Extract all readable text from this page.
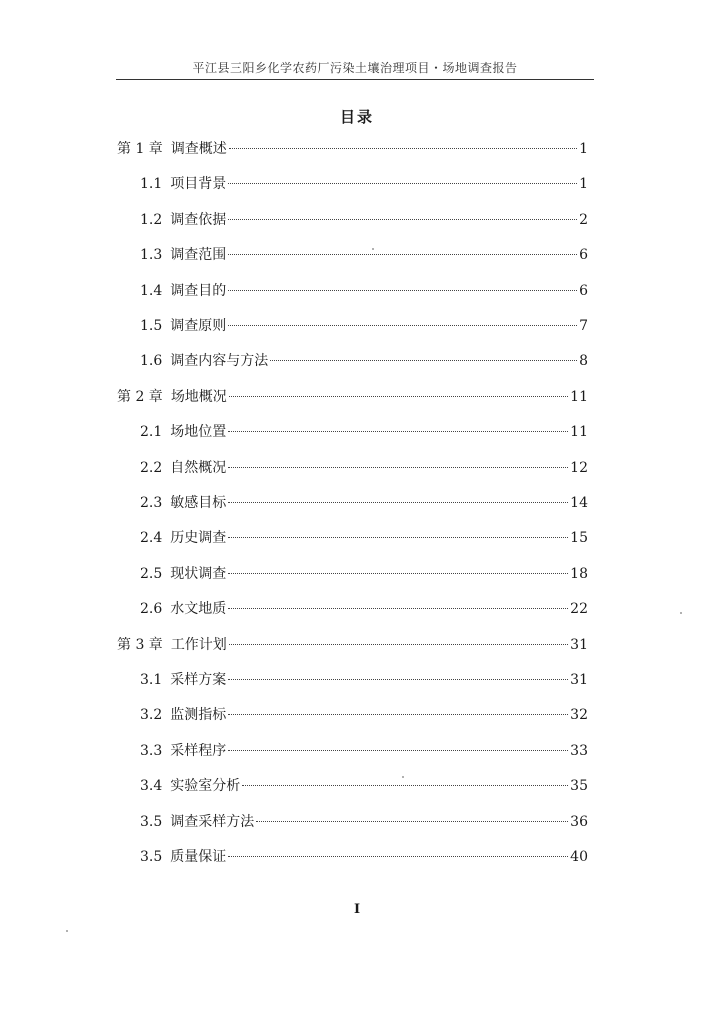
平江县三阳乡化学农药厂污染土壤治理项目・场地调查报告
目录
第 1 章 调查概述	1
1.1 项目背景	1
1.2 调查依据	2
1.3 调查范围	6
1.4 调查目的	6
1.5 调查原则	7
1.6 调查内容与方法	8
第 2 章 场地概况	11
2.1 场地位置	11
2.2 自然概况	12
2.3 敏感目标	14
2.4 历史调查	15
2.5 现状调查	18
2.6 水文地质	22
第 3 章 工作计划	31
3.1 采样方案	31
3.2 监测指标	32
3.3 采样程序	33
3.4 实验室分析	35
3.5 调查采样方法	36
3.5 质量保证	40
I
